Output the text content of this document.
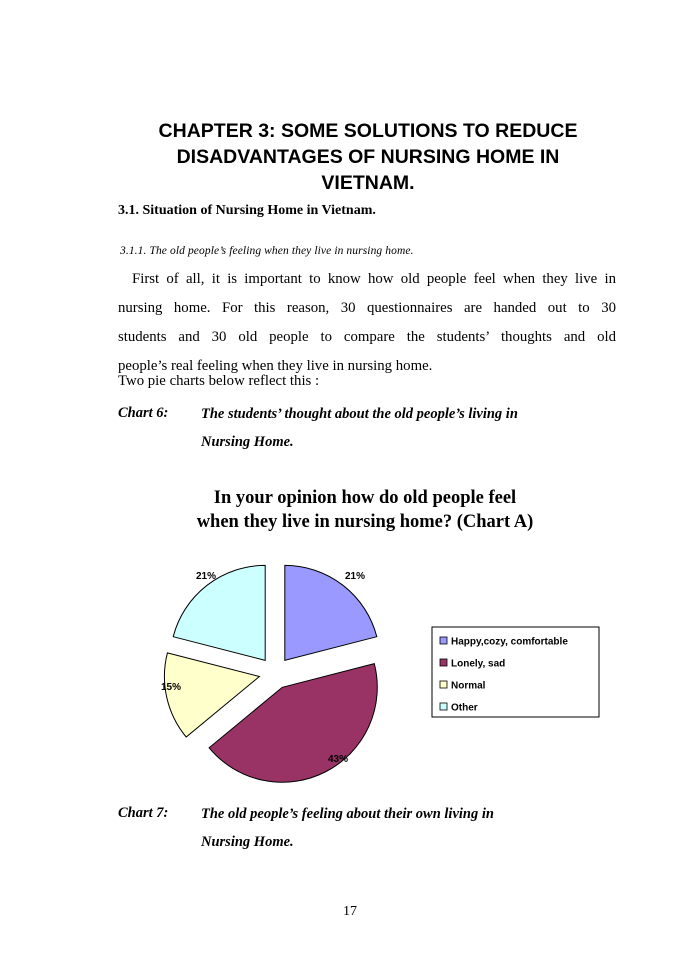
CHAPTER 3: SOME SOLUTIONS TO REDUCE
DISADVANTAGES OF NURSING HOME IN
VIETNAM.
3.1. Situation of Nursing Home in Vietnam.
3.1.1. The old people’s feeling when they live in nursing home.
First of all, it is important to know how old people feel when they live in
nursing home. For this reason, 30 questionnaires are handed out to 30
students and 30 old people to compare the students’ thoughts and old
people’s real feeling when they live in nursing home.
Two pie charts below reflect this :
Chart 6: The students’ thought about the old people’s living in
Nursing Home.
In your opinion how do old people feel
when they live in nursing home? (Chart A)
21%
43%
15%
21%
Happy,cozy, comfortable
Lonely, sad
Normal
Other
Chart 7: The old people’s feeling about their own living in
Nursing Home.
17
